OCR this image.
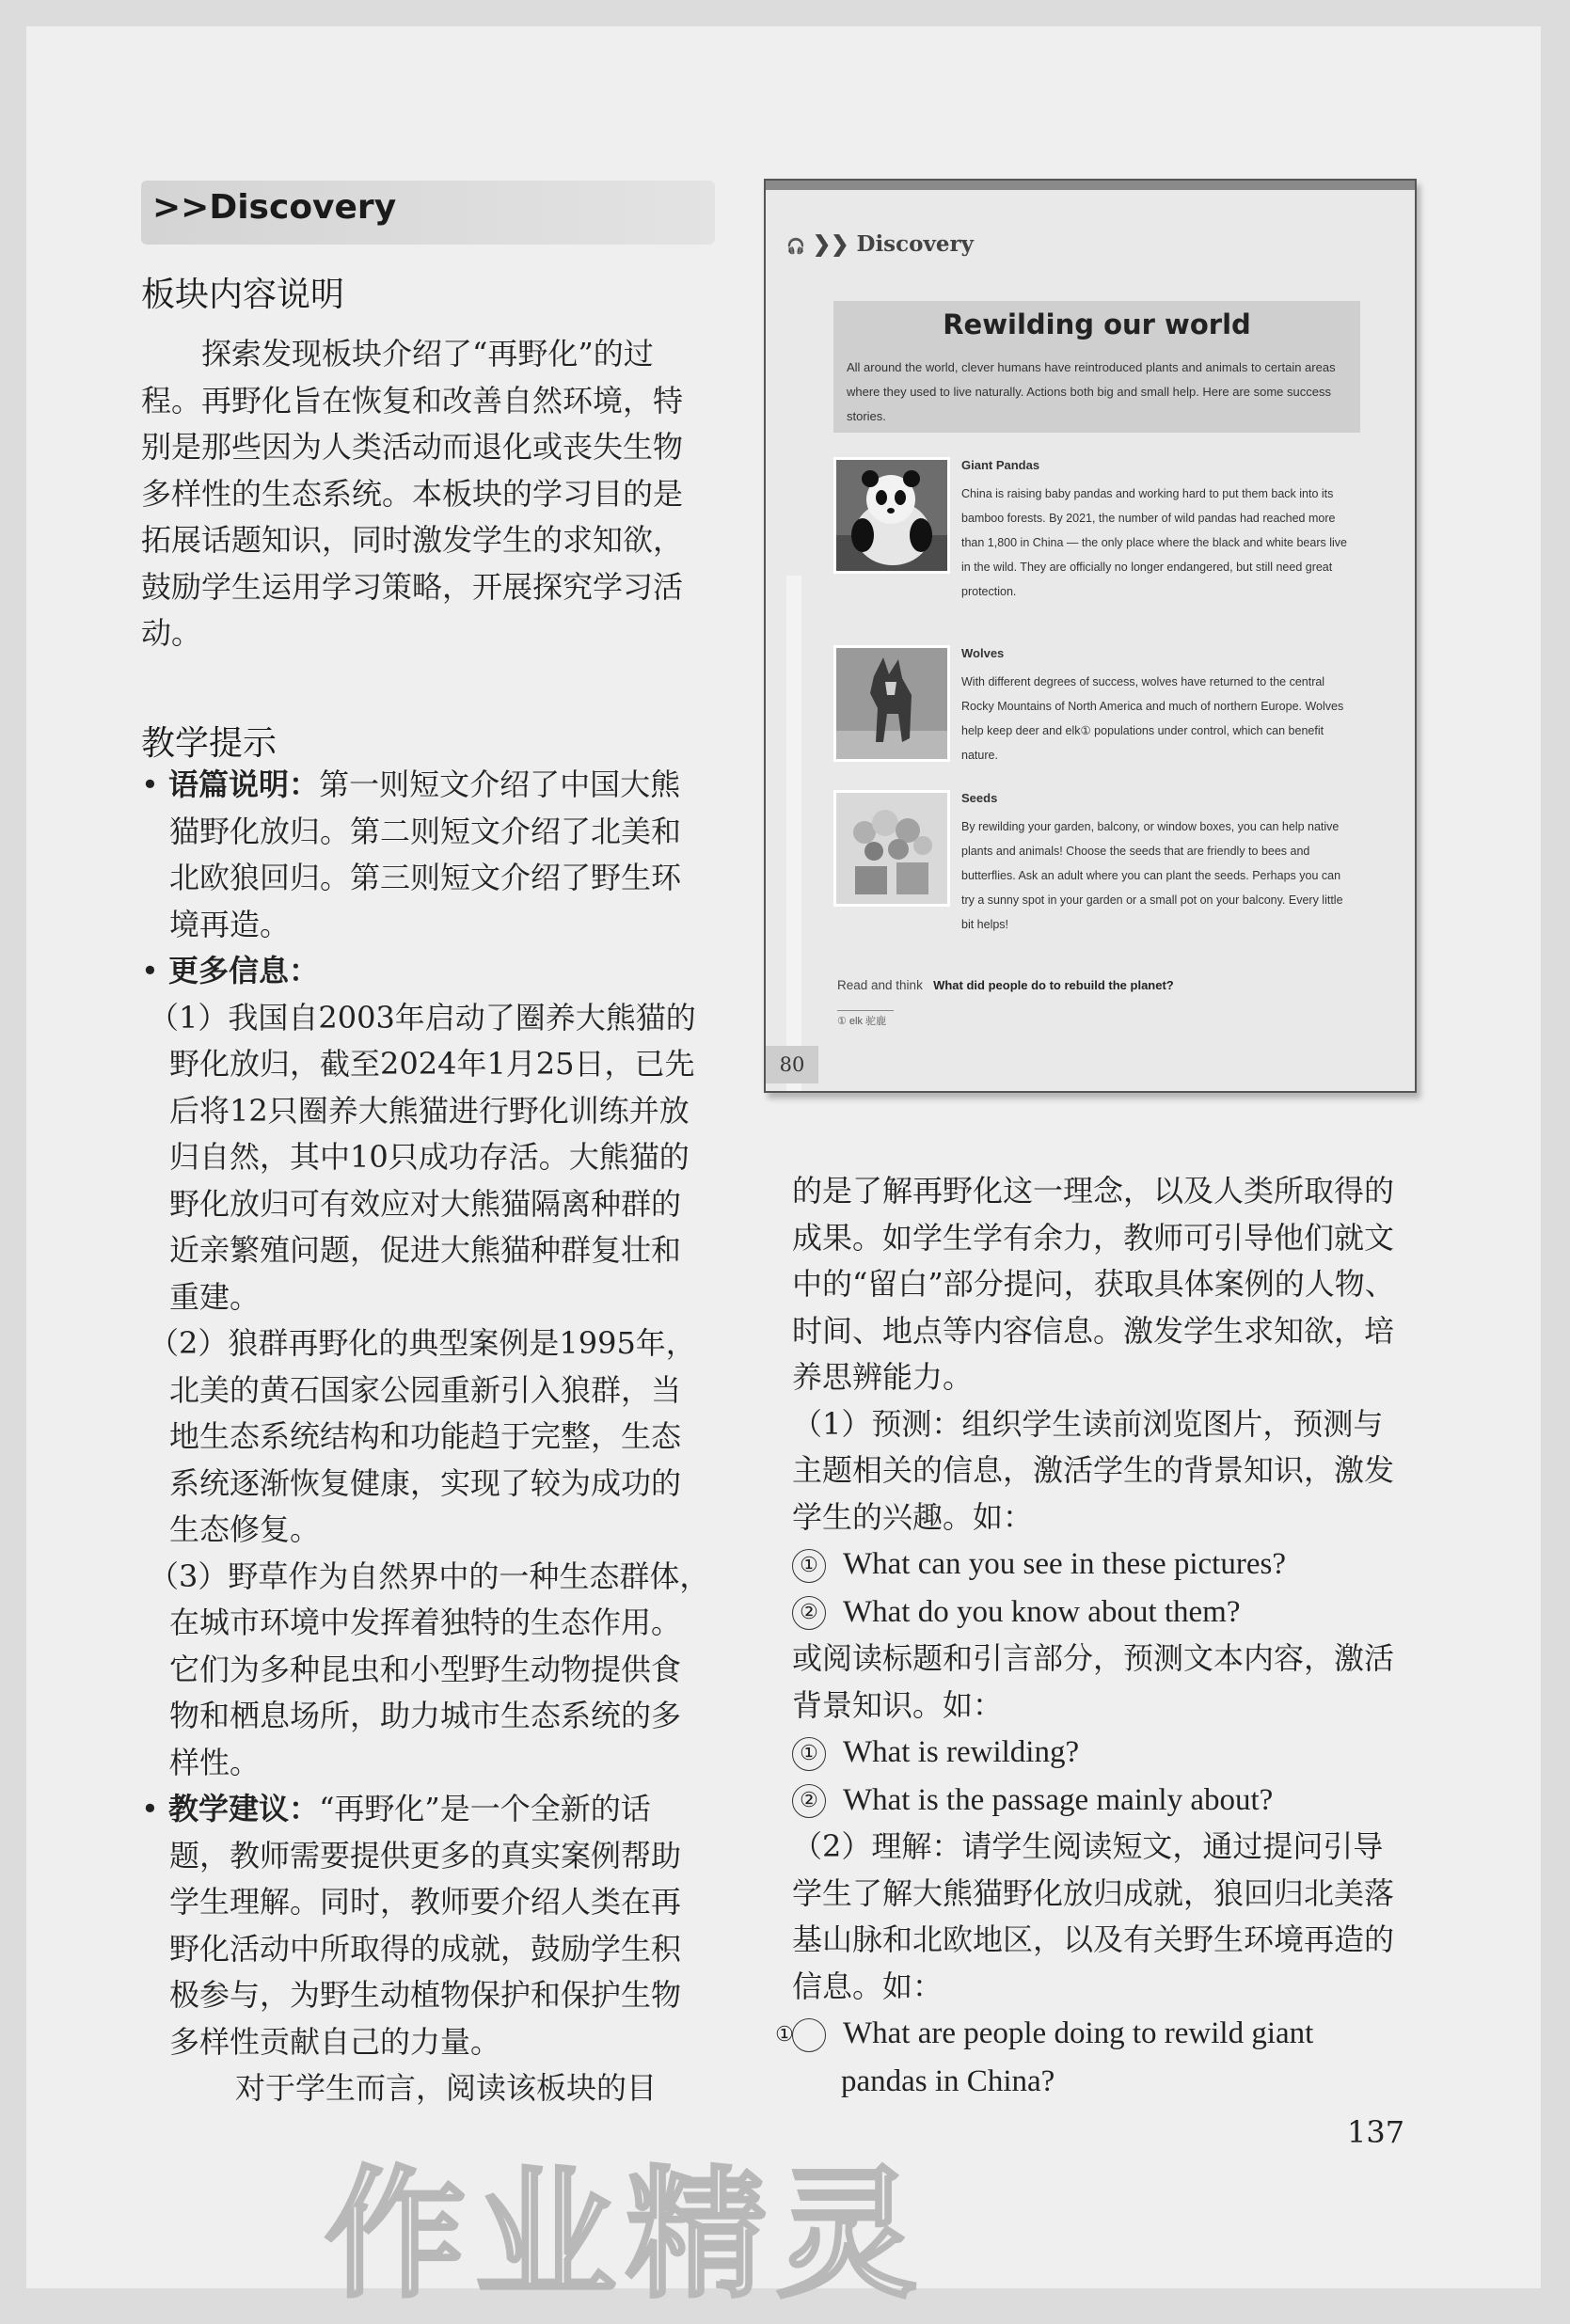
>>Discovery
板块内容说明
探索发现板块介绍了“再野化”的过程。再野化旨在恢复和改善自然环境，特别是那些因为人类活动而退化或丧失生物多样性的生态系统。本板块的学习目的是拓展话题知识，同时激发学生的求知欲，鼓励学生运用学习策略，开展探究学习活动。
教学提示

• 语篇说明：第一则短文介绍了中国大熊猫野化放归。第二则短文介绍了北美和北欧狼回归。第三则短文介绍了野生环境再造。

• 更多信息：

（1）我国自2003年启动了圈养大熊猫的野化放归，截至2024年1月25日，已先后将12只圈养大熊猫进行野化训练并放归自然，其中10只成功存活。大熊猫的野化放归可有效应对大熊猫隔离种群的近亲繁殖问题，促进大熊猫种群复壮和重建。

（2）狼群再野化的典型案例是1995年，北美的黄石国家公园重新引入狼群，当地生态系统结构和功能趋于完整，生态系统逐渐恢复健康，实现了较为成功的生态修复。

（3）野草作为自然界中的一种生态群体，在城市环境中发挥着独特的生态作用。它们为多种昆虫和小型野生动物提供食物和栖息场所，助力城市生态系统的多样性。

• 教学建议：“再野化”是一个全新的话题，教师需要提供更多的真实案例帮助学生理解。同时，教师要介绍人类在再野化活动中所取得的成就，鼓励学生积极参与，为野生动植物保护和保护生物多样性贡献自己的力量。

对于学生而言，阅读该板块的目

🎧 ❯❯ Discovery
Rewilding our world
All around the world, clever humans have reintroduced plants and animals to certain areas where they used to live naturally. Actions both big and small help. Here are some success stories.
Giant Pandas
China is raising baby pandas and working hard to put them back into its bamboo forests. By 2021, the number of wild pandas had reached more than 1,800 in China — the only place where the black and white bears live in the wild. They are officially no longer endangered, but still need great protection.
Wolves
With different degrees of success, wolves have returned to the central Rocky Mountains of North America and much of northern Europe. Wolves help keep deer and elk① populations under control, which can benefit nature.
Seeds
By rewilding your garden, balcony, or window boxes, you can help native plants and animals! Choose the seeds that are friendly to bees and butterflies. Ask an adult where you can plant the seeds. Perhaps you can try a sunny spot in your garden or a small pot on your balcony. Every little bit helps!
Read and think What did people do to rebuild the planet?
① elk 驼鹿
80

的是了解再野化这一理念，以及人类所取得的成果。如学生学有余力，教师可引导他们就文中的“留白”部分提问，获取具体案例的人物、时间、地点等内容信息。激发学生求知欲，培养思辨能力。

（1）预测：组织学生读前浏览图片，预测与主题相关的信息，激活学生的背景知识，激发学生的兴趣。如：

① What can you see in these pictures?

② What do you know about them?

或阅读标题和引言部分，预测文本内容，激活背景知识。如：

① What is rewilding?

② What is the passage mainly about?

（2）理解：请学生阅读短文，通过提问引导学生了解大熊猫野化放归成就，狼回归北美落基山脉和北欧地区，以及有关野生环境再造的信息。如：

① What are people doing to rewild giant pandas in China?

137
作业精灵
